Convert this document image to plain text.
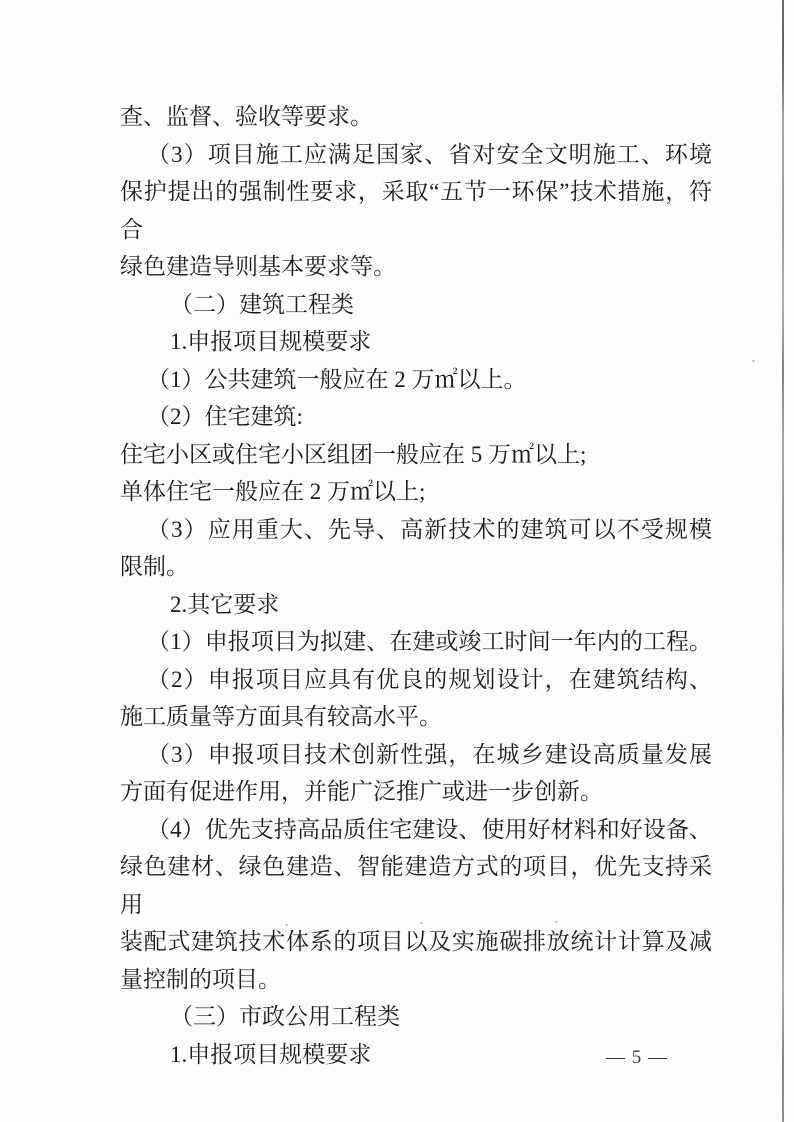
查、监督、验收等要求。
（3）项目施工应满足国家、省对安全文明施工、环境
保护提出的强制性要求，采取“五节一环保”技术措施，符合
绿色建造导则基本要求等。
（二）建筑工程类
1.申报项目规模要求
（1）公共建筑一般应在 2 万㎡以上。
（2）住宅建筑:
住宅小区或住宅小区组团一般应在 5 万㎡以上;
单体住宅一般应在 2 万㎡以上;
（3）应用重大、先导、高新技术的建筑可以不受规模
限制。
2.其它要求
（1）申报项目为拟建、在建或竣工时间一年内的工程。
（2）申报项目应具有优良的规划设计，在建筑结构、
施工质量等方面具有较高水平。
（3）申报项目技术创新性强，在城乡建设高质量发展
方面有促进作用，并能广泛推广或进一步创新。
（4）优先支持高品质住宅建设、使用好材料和好设备、
绿色建材、绿色建造、智能建造方式的项目，优先支持采用
装配式建筑技术体系的项目以及实施碳排放统计计算及减
量控制的项目。
（三）市政公用工程类
1.申报项目规模要求	— 5 —
